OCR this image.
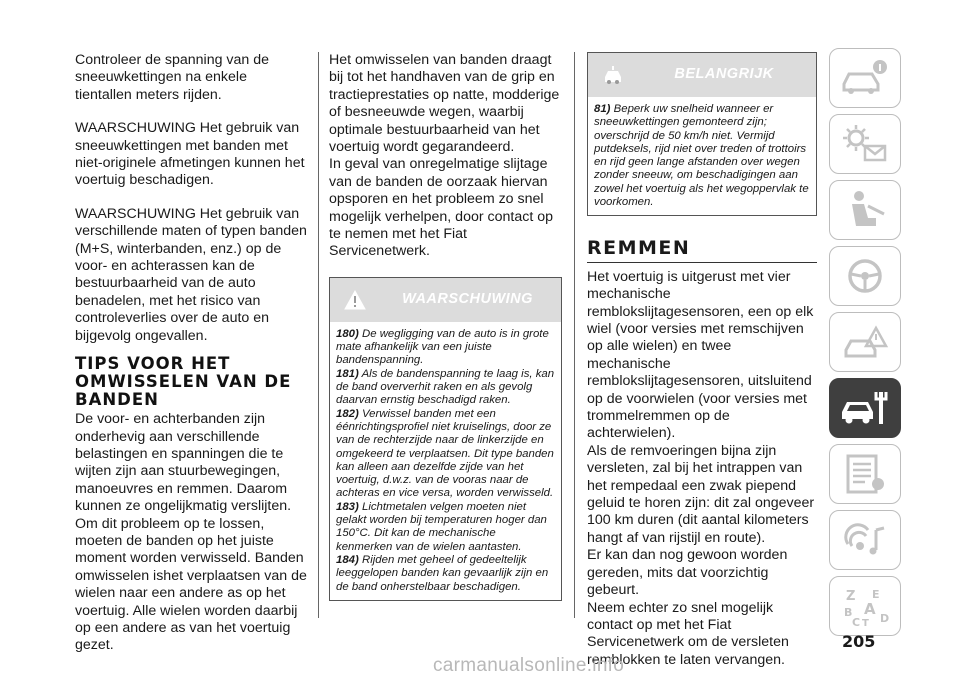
Controleer de spanning van de sneeuwkettingen na enkele tientallen meters rijden.

WAARSCHUWING Het gebruik van sneeuwkettingen met banden met niet-originele afmetingen kunnen het voertuig beschadigen.

WAARSCHUWING Het gebruik van verschillende maten of typen banden (M+S, winterbanden, enz.) op de voor- en achterassen kan de bestuurbaarheid van de auto benadelen, met het risico van controleverlies over de auto en bijgevolg ongevallen.

TIPS VOOR HET OMWISSELEN VAN DE BANDEN

De voor- en achterbanden zijn onderhevig aan verschillende belastingen en spanningen die te wijten zijn aan stuurbewegingen, manoeuvres en remmen. Daarom kunnen ze ongelijkmatig verslijten.

Om dit probleem op te lossen, moeten de banden op het juiste moment worden verwisseld. Banden omwisselen ishet verplaatsen van de wielen naar een andere as op het voertuig. Alle wielen worden daarbij op een andere as van het voertuig gezet.

Het omwisselen van banden draagt bij tot het handhaven van de grip en tractieprestaties op natte, modderige of besneeuwde wegen, waarbij optimale bestuurbaarheid van het voertuig wordt gegarandeerd.

In geval van onregelmatige slijtage van de banden de oorzaak hiervan opsporen en het probleem zo snel mogelijk verhelpen, door contact op te nemen met het Fiat Servicenetwerk.

WAARSCHUWING

180) De wegligging van de auto is in grote mate afhankelijk van een juiste bandenspanning.

181) Als de bandenspanning te laag is, kan de band oververhit raken en als gevolg daarvan ernstig beschadigd raken.

182) Verwissel banden met een éénrichtingsprofiel niet kruiselings, door ze van de rechterzijde naar de linkerzijde en omgekeerd te verplaatsen. Dit type banden kan alleen aan dezelfde zijde van het voertuig, d.w.z. van de vooras naar de achteras en vice versa, worden verwisseld.

183) Lichtmetalen velgen moeten niet gelakt worden bij temperaturen hoger dan 150°C. Dit kan de mechanische kenmerken van de wielen aantasten.

184) Rijden met geheel of gedeeltelijk leeggelopen banden kan gevaarlijk zijn en de band onherstelbaar beschadigen.

BELANGRIJK

81) Beperk uw snelheid wanneer er sneeuwkettingen gemonteerd zijn; overschrijd de 50 km/h niet. Vermijd putdeksels, rijd niet over treden of trottoirs en rijd geen lange afstanden over wegen zonder sneeuw, om beschadigingen aan zowel het voertuig als het wegoppervlak te voorkomen.

REMMEN

Het voertuig is uitgerust met vier mechanische remblokslijtagesensoren, een op elk wiel (voor versies met remschijven op alle wielen) en twee mechanische remblokslijtagesensoren, uitsluitend op de voorwielen (voor versies met trommelremmen op de achterwielen).

Als de remvoeringen bijna zijn versleten, zal bij het intrappen van het rempedaal een zwak piepend geluid te horen zijn: dit zal ongeveer 100 km duren (dit aantal kilometers hangt af van rijstijl en route).

Er kan dan nog gewoon worden gereden, mits dat voorzichtig gebeurt.

Neem echter zo snel mogelijk contact op met het Fiat Servicenetwerk om de versleten remblokken te laten vervangen.

Z E
B A
C T D
205
carmanualsonline.info
